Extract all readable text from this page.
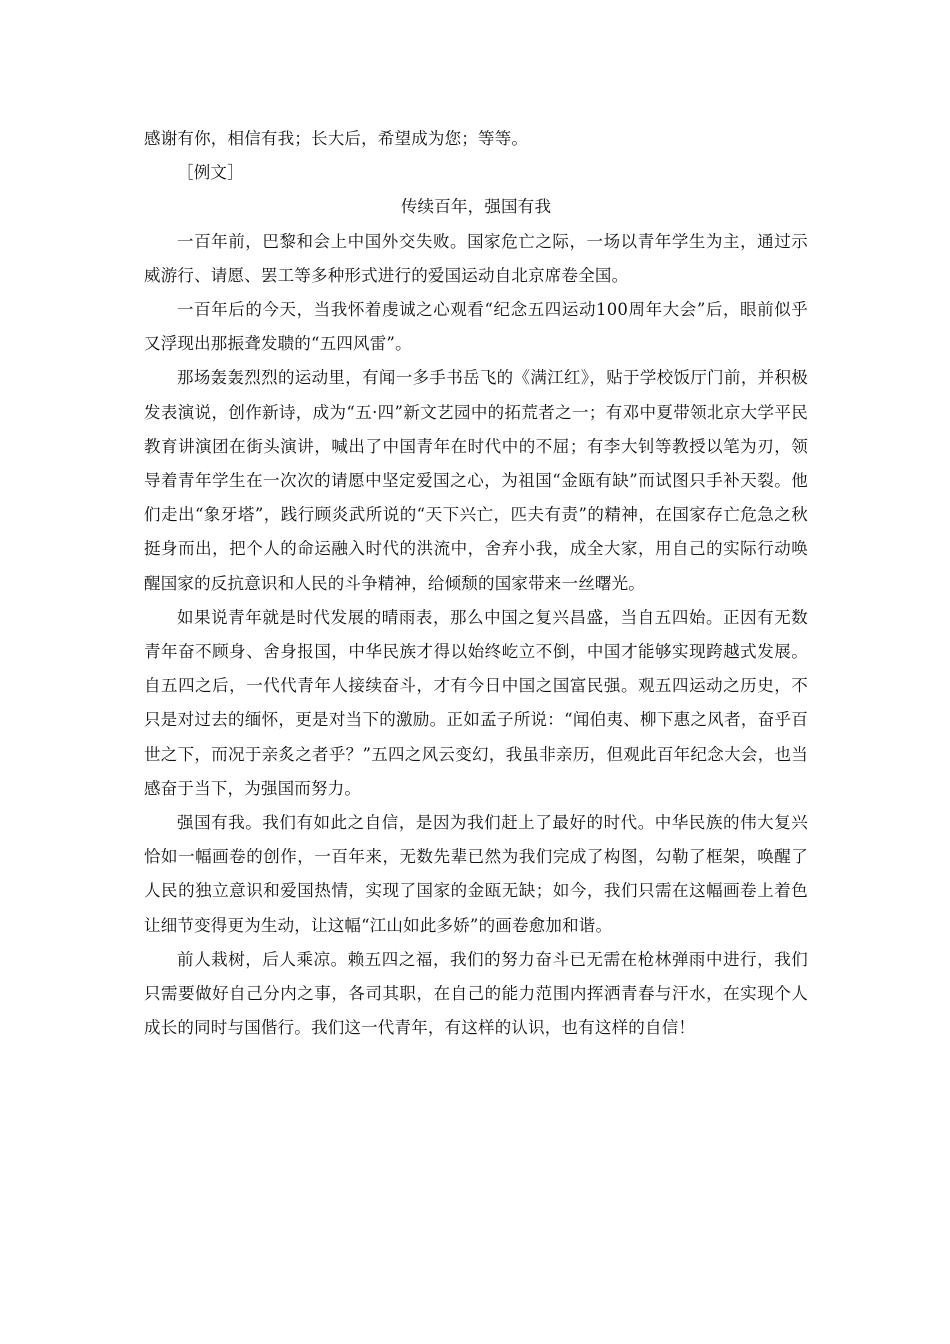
感谢有你，相信有我；长大后，希望成为您；等等。

［例文］

传续百年，强国有我

一百年前，巴黎和会上中国外交失败。国家危亡之际，一场以青年学生为主，通过示威游行、请愿、罢工等多种形式进行的爱国运动自北京席卷全国。

一百年后的今天，当我怀着虔诚之心观看“纪念五四运动100周年大会”后，眼前似乎又浮现出那振聋发聩的“五四风雷”。

那场轰轰烈烈的运动里，有闻一多手书岳飞的《满江红》，贴于学校饭厅门前，并积极发表演说，创作新诗，成为“五·四”新文艺园中的拓荒者之一；有邓中夏带领北京大学平民教育讲演团在街头演讲，喊出了中国青年在时代中的不屈；有李大钊等教授以笔为刃，领导着青年学生在一次次的请愿中坚定爱国之心，为祖国“金瓯有缺”而试图只手补天裂。他们走出“象牙塔”，践行顾炎武所说的“天下兴亡，匹夫有责”的精神，在国家存亡危急之秋挺身而出，把个人的命运融入时代的洪流中，舍弃小我，成全大家，用自己的实际行动唤醒国家的反抗意识和人民的斗争精神，给倾颓的国家带来一丝曙光。

如果说青年就是时代发展的晴雨表，那么中国之复兴昌盛，当自五四始。正因有无数青年奋不顾身、舍身报国，中华民族才得以始终屹立不倒，中国才能够实现跨越式发展。自五四之后，一代代青年人接续奋斗，才有今日中国之国富民强。观五四运动之历史，不只是对过去的缅怀，更是对当下的激励。正如孟子所说：“闻伯夷、柳下惠之风者，奋乎百世之下，而况于亲炙之者乎？”五四之风云变幻，我虽非亲历，但观此百年纪念大会，也当感奋于当下，为强国而努力。

强国有我。我们有如此之自信，是因为我们赶上了最好的时代。中华民族的伟大复兴恰如一幅画卷的创作，一百年来，无数先辈已然为我们完成了构图，勾勒了框架，唤醒了人民的独立意识和爱国热情，实现了国家的金瓯无缺；如今，我们只需在这幅画卷上着色让细节变得更为生动，让这幅“江山如此多娇”的画卷愈加和谐。

前人栽树，后人乘凉。赖五四之福，我们的努力奋斗已无需在枪林弹雨中进行，我们只需要做好自己分内之事，各司其职，在自己的能力范围内挥洒青春与汗水，在实现个人成长的同时与国偕行。我们这一代青年，有这样的认识，也有这样的自信！
